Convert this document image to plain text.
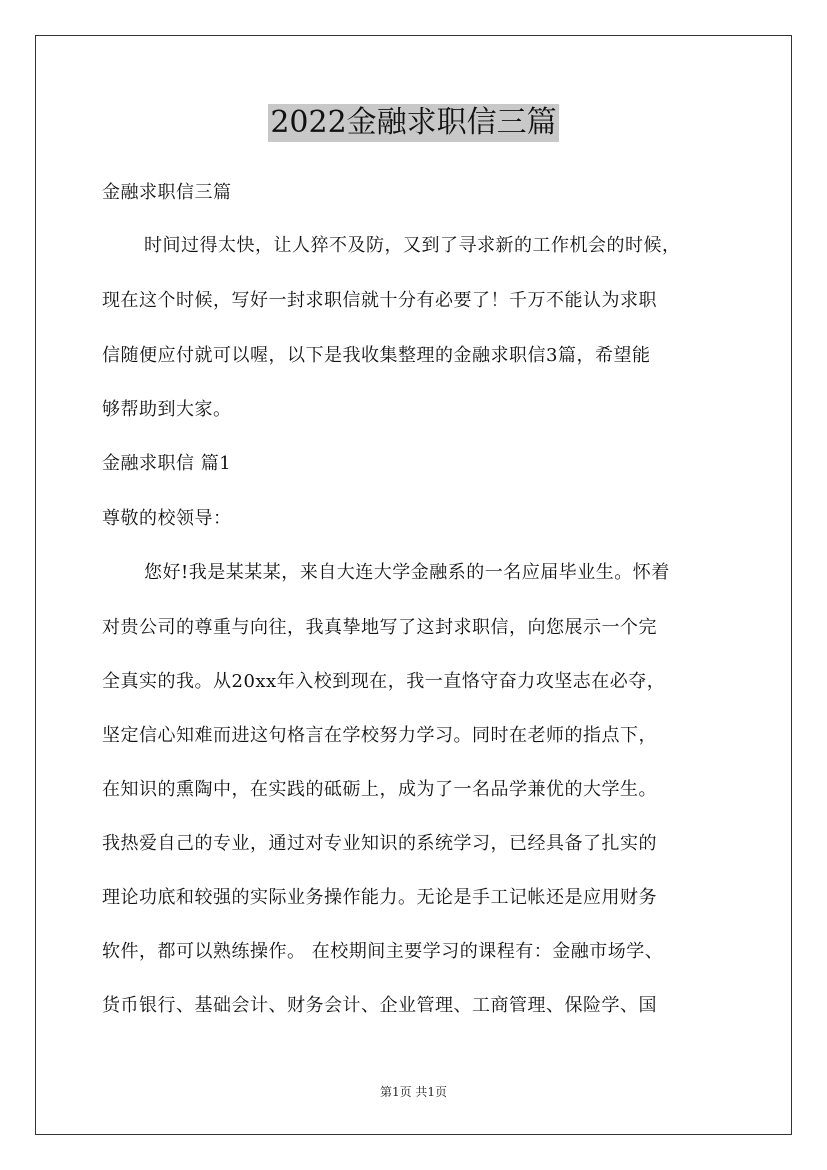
2022金融求职信三篇
金融求职信三篇
时间过得太快，让人猝不及防，又到了寻求新的工作机会的时候，
现在这个时候，写好一封求职信就十分有必要了！千万不能认为求职
信随便应付就可以喔，以下是我收集整理的金融求职信3篇，希望能
够帮助到大家。
金融求职信 篇1
尊敬的校领导：
您好!我是某某某，来自大连大学金融系的一名应届毕业生。怀着
对贵公司的尊重与向往，我真挚地写了这封求职信，向您展示一个完
全真实的我。从20xx年入校到现在，我一直恪守奋力攻坚志在必夺，
坚定信心知难而进这句格言在学校努力学习。同时在老师的指点下，
在知识的熏陶中，在实践的砥砺上，成为了一名品学兼优的大学生。
我热爱自己的专业，通过对专业知识的系统学习，已经具备了扎实的
理论功底和较强的实际业务操作能力。无论是手工记帐还是应用财务
软件，都可以熟练操作。 在校期间主要学习的课程有：金融市场学、
货币银行、基础会计、财务会计、企业管理、工商管理、保险学、国
第1页 共1页
